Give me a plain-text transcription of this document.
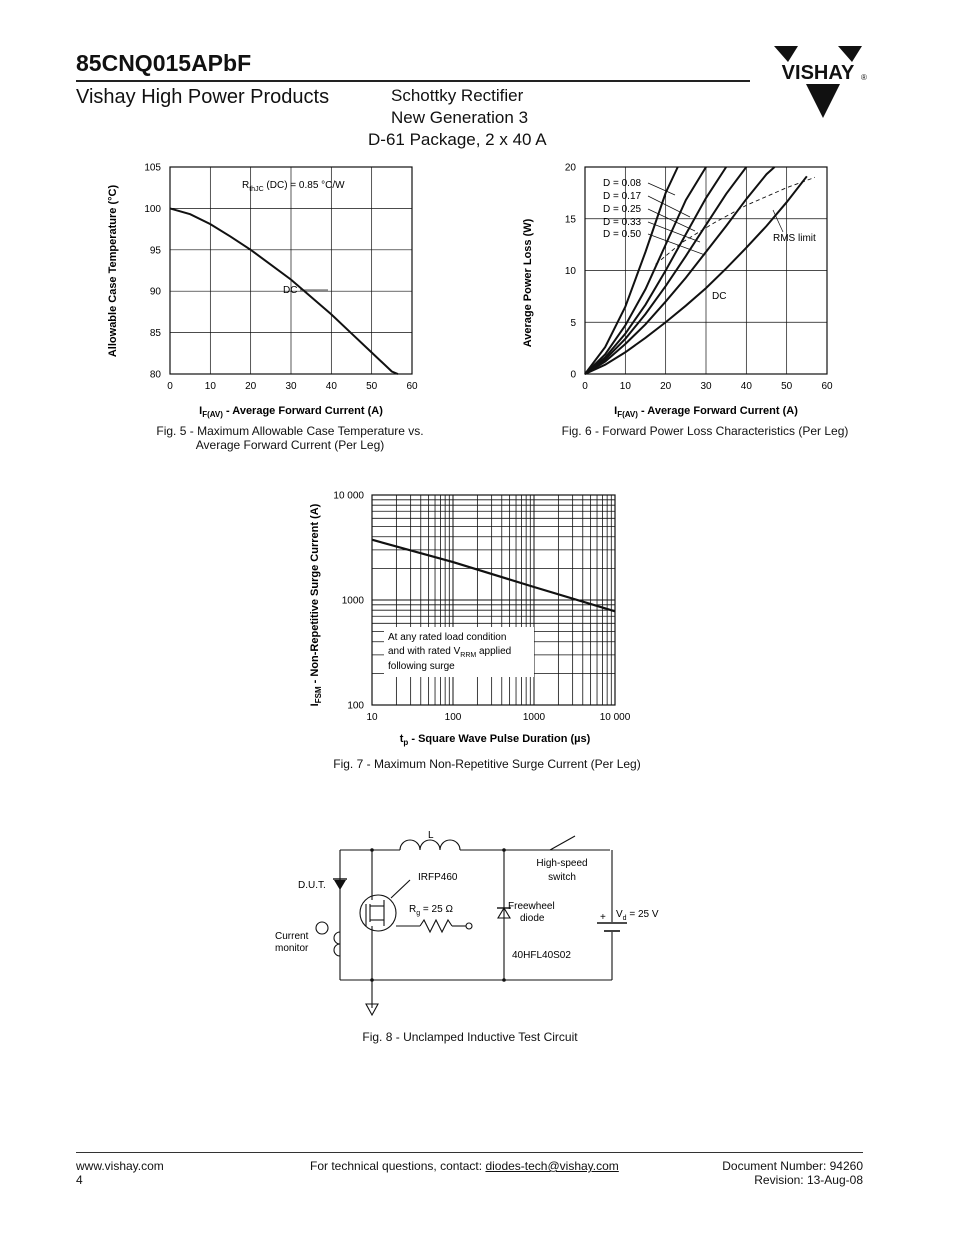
85CNQ015APbF
Vishay High Power Products	Schottky Rectifier
New Generation 3
D-61 Package, 2 x 40 A
VISHAY ®
0	10	20	30	40	50	60
80
85
90
95
100
105
$R_{thJC}$ (DC) = 0.85 °C/W
DC
Allowable Case Temperature (°C)
$I_{F(AV)}$ - Average Forward Current (A)
Fig. 5 - Maximum Allowable Case Temperature vs.
Average Forward Current (Per Leg)
0	10	20	30	40	50	60
0
5
10
15
20
D = 0.08
D = 0.17
D = 0.25
D = 0.33
D = 0.50	RMS limit
DC
Average Power Loss (W)
$I_{F(AV)}$ - Average Forward Current (A)
Fig. 6 - Forward Power Loss Characteristics (Per Leg)
10	100	1000	10 000
100
1000
10 000
At any rated load condition
and with rated $V_{RRM}$ applied
following surge
$I_{FSM}$ - Non-Repetitive Surge Current (A)
$t_p$ - Square Wave Pulse Duration (µs)
Fig. 7 - Maximum Non-Repetitive Surge Current (Per Leg)
L
High-speed
switch
D.U.T.
IRFP460
$R_g = 25$ Ω	Freewheel
diode	+ $V_d = 25$ V
Current
monitor
40HFL40S02
Fig. 8 - Unclamped Inductive Test Circuit
www.vishay.com
4
For technical questions, contact: diodes-tech@vishay.com	Document Number: 94260
Revision: 13-Aug-08
